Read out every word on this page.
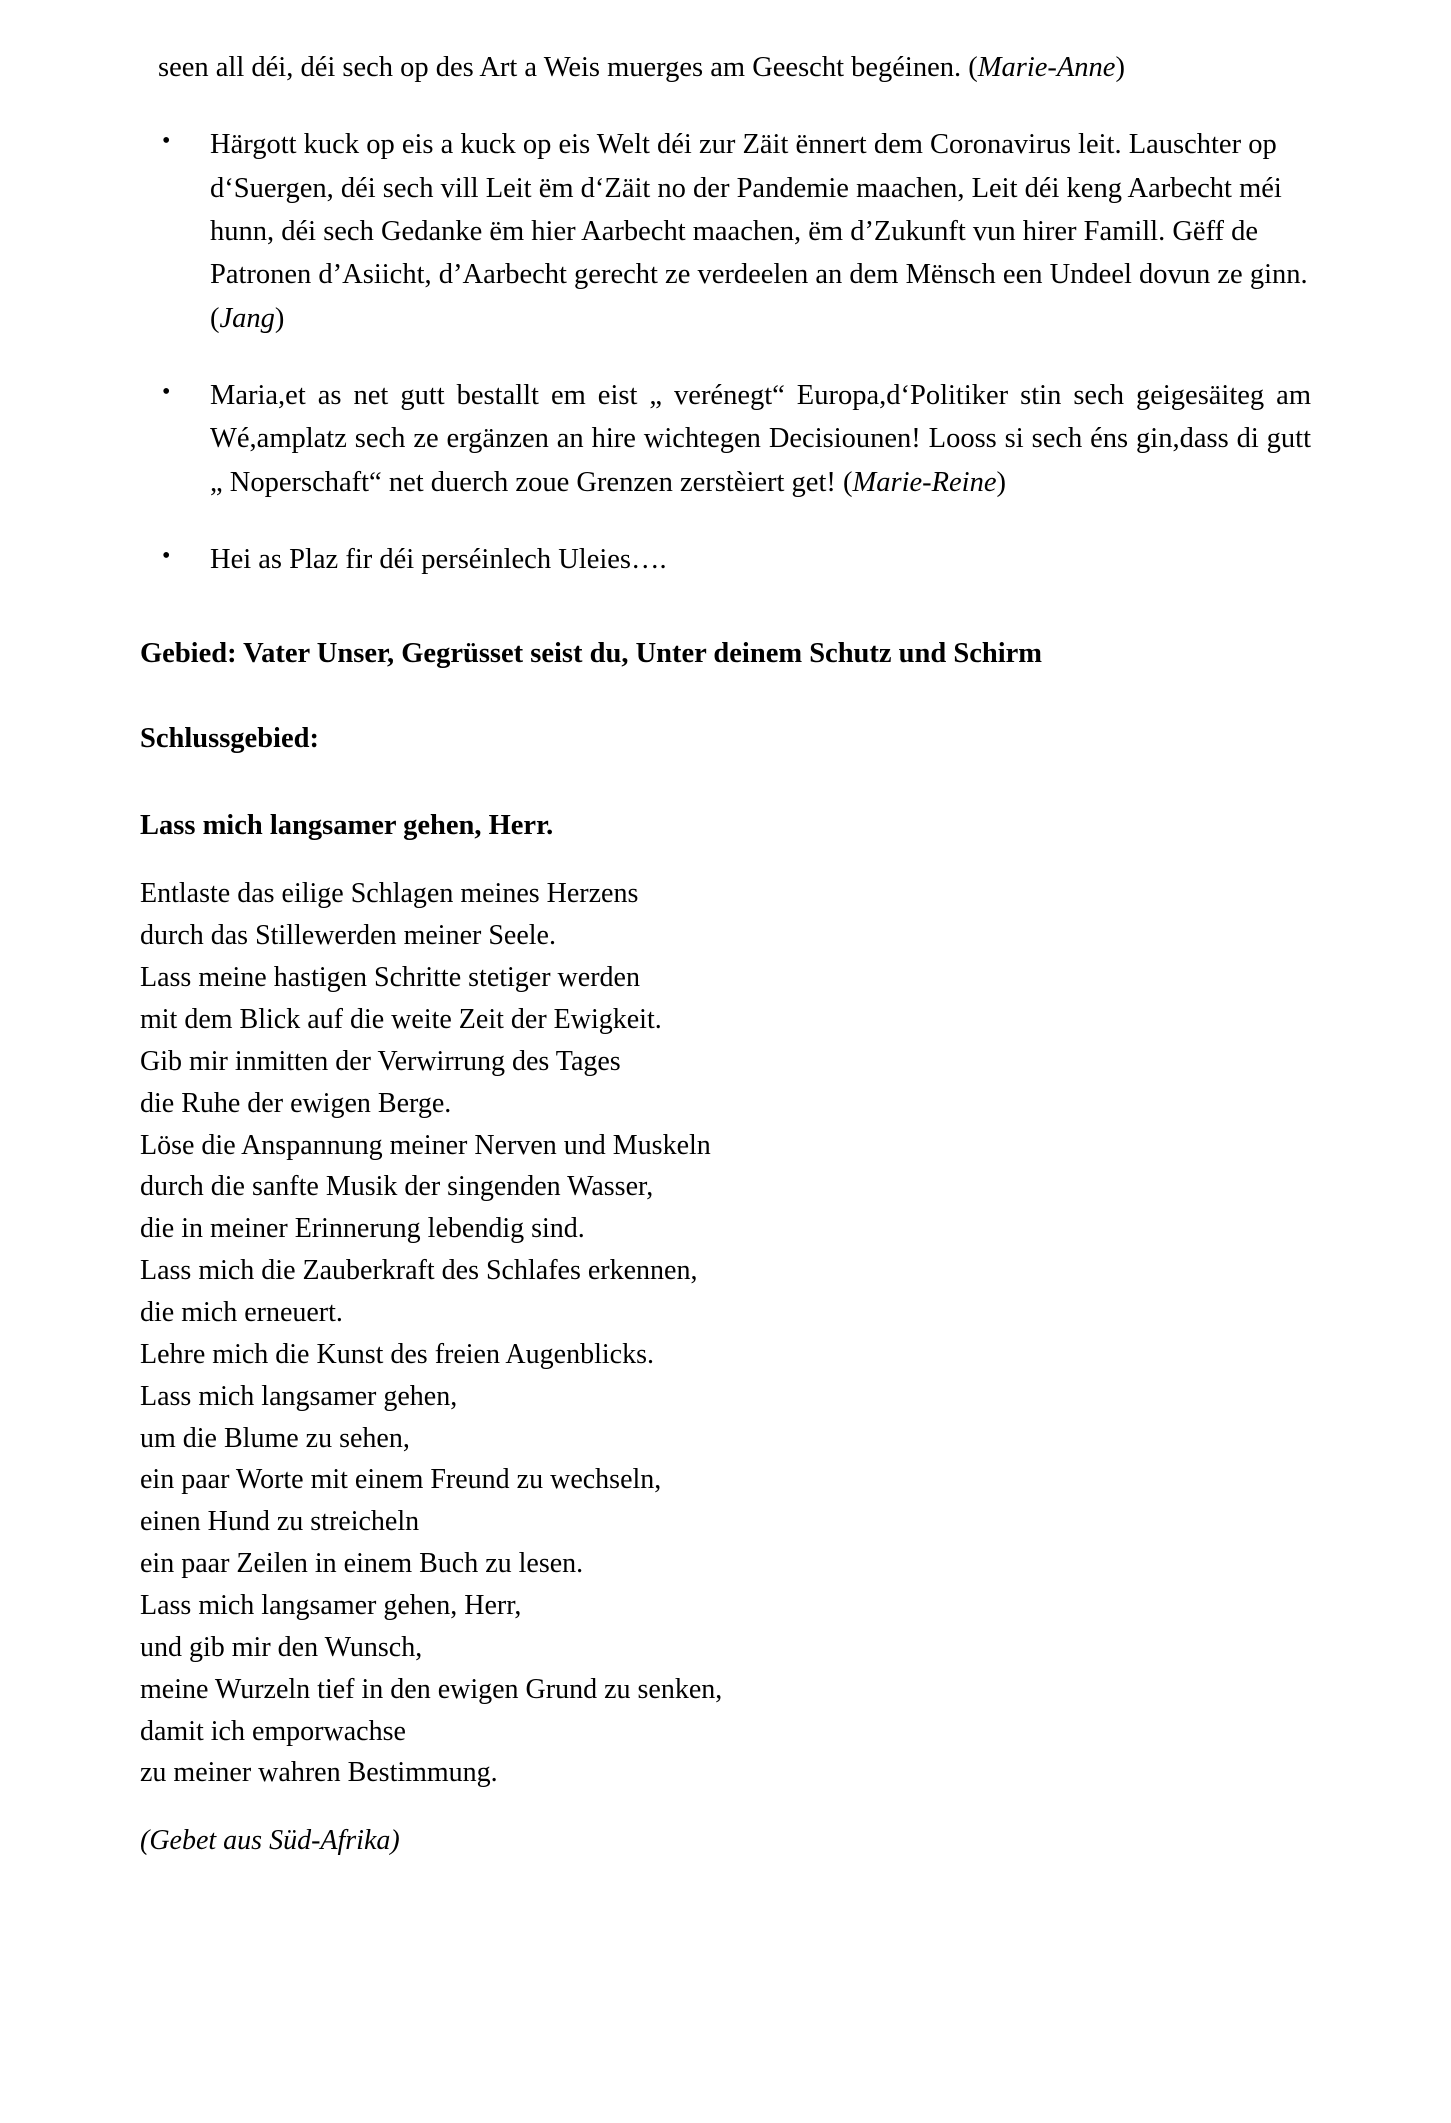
seen all déi, déi sech op des Art a Weis muerges am Geescht begéinen. (Marie-Anne)

• Härgott kuck op eis a kuck op eis Welt déi zur Zäit ënnert dem Coronavirus leit. Lauschter op d‘Suergen, déi sech vill Leit ëm d‘Zäit no der Pandemie maachen, Leit déi keng Aarbecht méi hunn, déi sech Gedanke ëm hier Aarbecht maachen, ëm d’Zukunft vun hirer Famill. Gëff de Patronen d’Asiicht, d’Aarbecht gerecht ze verdeelen an dem Mënsch een Undeel dovun ze ginn. (Jang)
• Maria,et as net gutt bestallt em eist „ verénegt“ Europa,d‘Politiker stin sech geigesäiteg am Wé,amplatz sech ze ergänzen an hire wichtegen Decisiounen! Looss si sech éns gin,dass di gutt „ Noperschaft“ net duerch zoue Grenzen zerstèiert get! (Marie-Reine)
• Hei as Plaz fir déi perséinlech Uleies….

Gebied: Vater Unser, Gegrüsset seist du, Unter deinem Schutz und Schirm

Schlussgebied:

Lass mich langsamer gehen, Herr.

Entlaste das eilige Schlagen meines Herzens
durch das Stillewerden meiner Seele.
Lass meine hastigen Schritte stetiger werden
mit dem Blick auf die weite Zeit der Ewigkeit.
Gib mir inmitten der Verwirrung des Tages
die Ruhe der ewigen Berge.
Löse die Anspannung meiner Nerven und Muskeln
durch die sanfte Musik der singenden Wasser,
die in meiner Erinnerung lebendig sind.
Lass mich die Zauberkraft des Schlafes erkennen,
die mich erneuert.
Lehre mich die Kunst des freien Augenblicks.
Lass mich langsamer gehen,
um die Blume zu sehen,
ein paar Worte mit einem Freund zu wechseln,
einen Hund zu streicheln
ein paar Zeilen in einem Buch zu lesen.
Lass mich langsamer gehen, Herr,
und gib mir den Wunsch,
meine Wurzeln tief in den ewigen Grund zu senken,
damit ich emporwachse
zu meiner wahren Bestimmung.

(Gebet aus Süd-Afrika)
